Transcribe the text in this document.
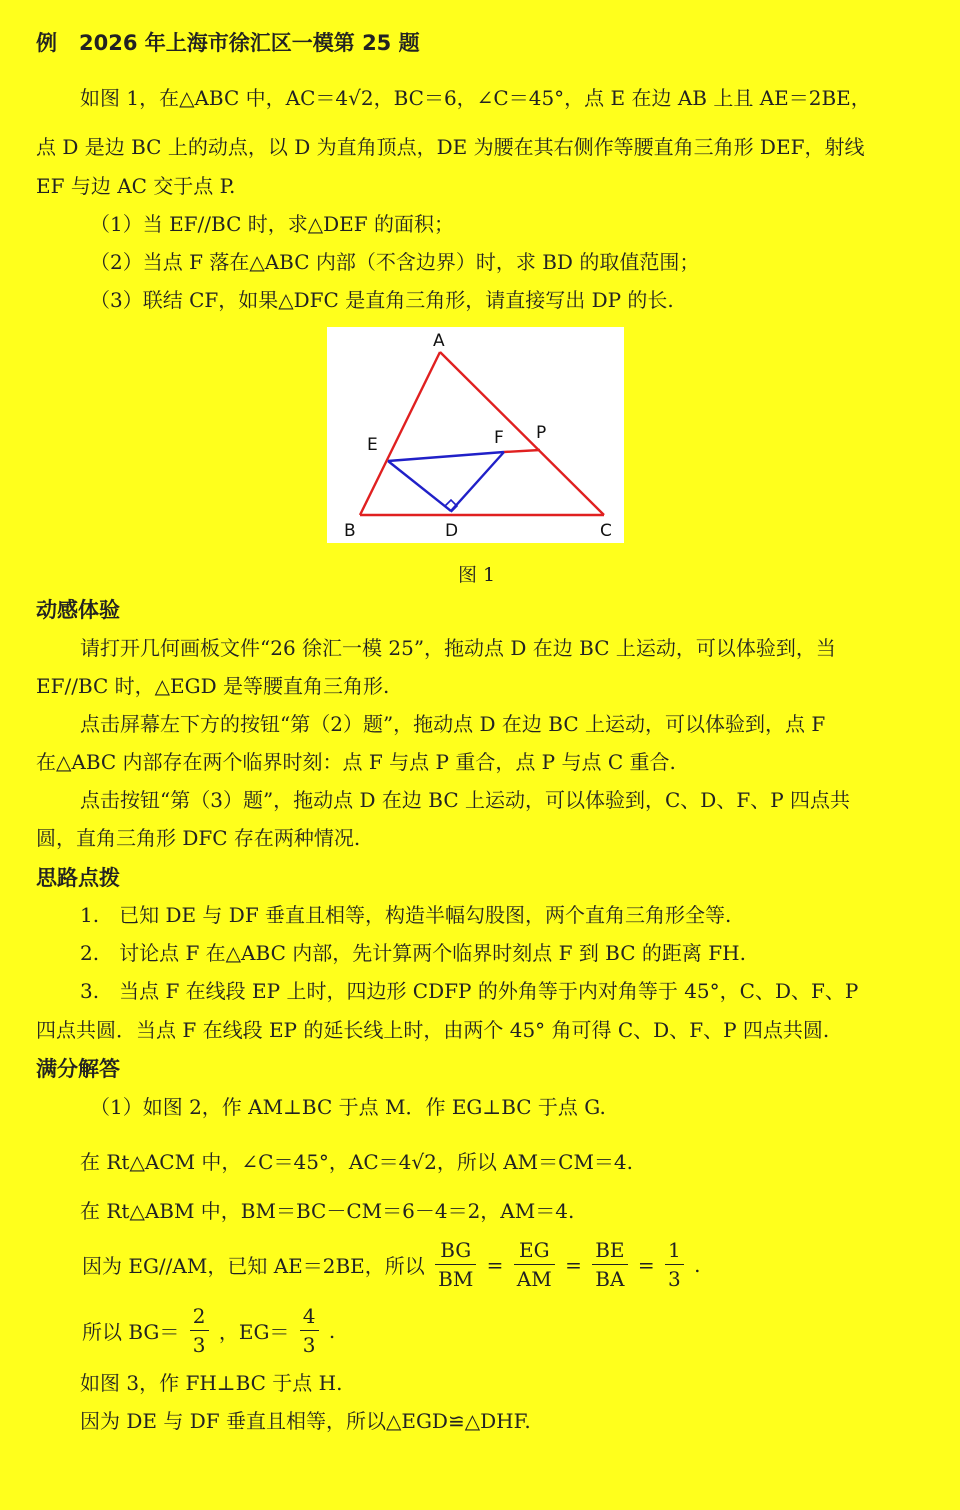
例 2026 年上海市徐汇区一模第 25 题
如图 1，在△ABC 中，AC＝4√2，BC＝6，∠C＝45°，点 E 在边 AB 上且 AE＝2BE，
点 D 是边 BC 上的动点，以 D 为直角顶点，DE 为腰在其右侧作等腰直角三角形 DEF，射线
EF 与边 AC 交于点 P.
（1）当 EF//BC 时，求△DEF 的面积；
（2）当点 F 落在△ABC 内部（不含边界）时，求 BD 的取值范围；
（3）联结 CF，如果△DFC 是直角三角形，请直接写出 DP 的长.
A
B	C
D
E	F P
图 1
动感体验
请打开几何画板文件“26 徐汇一模 25”，拖动点 D 在边 BC 上运动，可以体验到，当
EF//BC 时，△EGD 是等腰直角三角形.
点击屏幕左下方的按钮“第（2）题”，拖动点 D 在边 BC 上运动，可以体验到，点 F
在△ABC 内部存在两个临界时刻：点 F 与点 P 重合，点 P 与点 C 重合.
点击按钮“第（3）题”，拖动点 D 在边 BC 上运动，可以体验到，C、D、F、P 四点共
圆，直角三角形 DFC 存在两种情况.
思路点拨
1.　已知 DE 与 DF 垂直且相等，构造半幅勾股图，两个直角三角形全等.
2.　讨论点 F 在△ABC 内部，先计算两个临界时刻点 F 到 BC 的距离 FH.
3.　当点 F 在线段 EP 上时，四边形 CDFP 的外角等于内对角等于 45°，C、D、F、P
四点共圆．当点 F 在线段 EP 的延长线上时，由两个 45° 角可得 C、D、F、P 四点共圆.
满分解答
（1）如图 2，作 AM⊥BC 于点 M．作 EG⊥BC 于点 G.
在 Rt△ACM 中，∠C＝45°，AC＝4√2，所以 AM＝CM＝4.
在 Rt△ABM 中，BM＝BC－CM＝6－4＝2，AM＝4.
因为 EG//AM，已知 AE＝2BE，所以 $\frac{BG}{BM} = \frac{EG}{AM} = \frac{BE}{BA} = \frac{1}{3}$ .
所以 $BG= \frac{2}{3}$ ，$EG= \frac{4}{3}$ .
如图 3，作 FH⊥BC 于点 H.
因为 DE 与 DF 垂直且相等，所以△EGD≌△DHF.
